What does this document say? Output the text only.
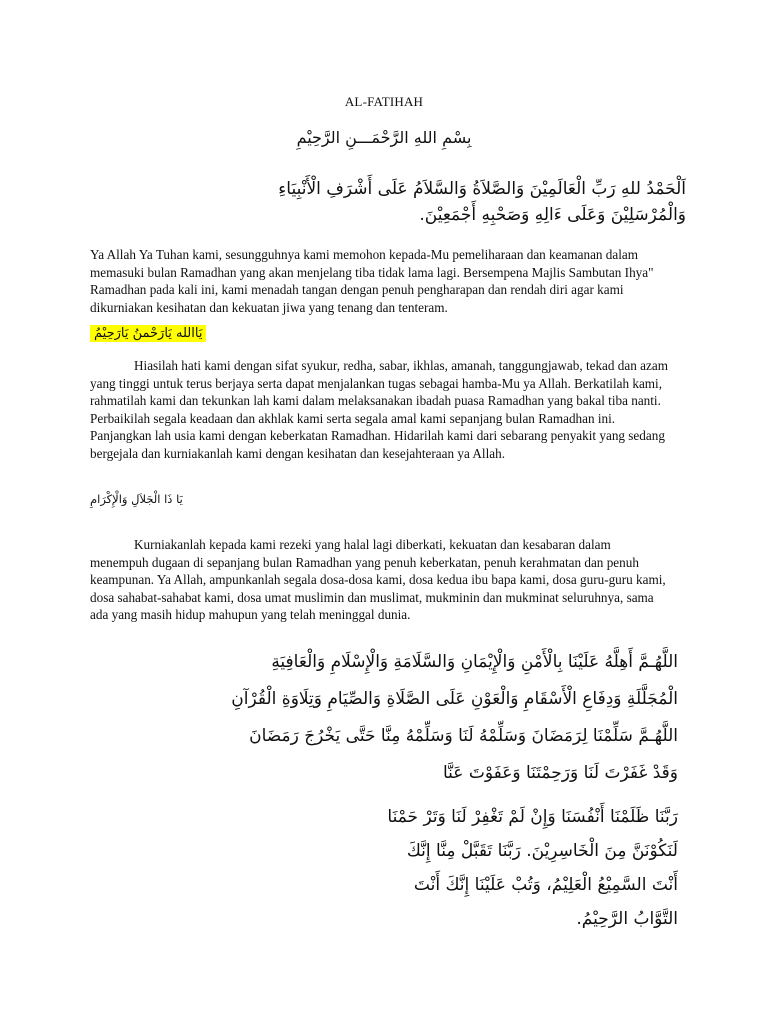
AL-FATIHAH
بِسْمِ اللهِ الرَّحْمَـــنِ الرَّحِيْمِ
اَلْحَمْدُ للهِ رَبِّ الْعَالَمِيْنَ وَالصَّلاَةُ وَالسَّلاَمُ عَلَى أَشْرَفِ الْأَنْبِيَاءِ
وَالْمُرْسَلِيْنَ وَعَلَى ءَالِهِ وَصَحْبِهِ أَجْمَعِيْنَ.
Ya Allah Ya Tuhan kami, sesungguhnya kami memohon kepada-Mu pemeliharaan dan keamanan dalam memasuki bulan Ramadhan yang akan menjelang tiba tidak lama lagi. Bersempena Majlis Sambutan Ihya" Ramadhan pada kali ini, kami menadah tangan dengan penuh pengharapan dan rendah diri agar kami dikurniakan kesihatan dan kekuatan jiwa yang tenang dan tenteram.
يَاالله يَارَحْمنُ يَارَحِيْمُ
Hiasilah hati kami dengan sifat syukur, redha, sabar, ikhlas, amanah, tanggungjawab, tekad dan azam yang tinggi untuk terus berjaya serta dapat menjalankan tugas sebagai hamba-Mu ya Allah. Berkatilah kami, rahmatilah kami dan tekunkan lah kami dalam melaksanakan ibadah puasa Ramadhan yang bakal tiba nanti. Perbaikilah segala keadaan dan akhlak kami serta segala amal kami sepanjang bulan Ramadhan ini. Panjangkan lah usia kami dengan keberkatan Ramadhan. Hidarilah kami dari sebarang penyakit yang sedang bergejala dan kurniakanlah kami dengan kesihatan dan kesejahteraan ya Allah.
يَا ذَا الْجَلاَلِ وَالْإِكْرَامِ
Kurniakanlah kepada kami rezeki yang halal lagi diberkati, kekuatan dan kesabaran dalam menempuh dugaan di sepanjang bulan Ramadhan yang penuh keberkatan, penuh kerahmatan dan penuh keampunan. Ya Allah, ampunkanlah segala dosa-dosa kami, dosa kedua ibu bapa kami, dosa guru-guru kami, dosa sahabat-sahabat kami, dosa umat muslimin dan muslimat, mukminin dan mukminat seluruhnya, sama ada yang masih hidup mahupun yang telah meninggal dunia.
اللَّهُـمَّ أَهِلَّهُ عَلَيْنَا بِالْأَمْنِ وَالْإِيْمَانِ وَالسَّلَامَةِ وَالْإِسْلَامِ وَالْعَافِيَةِ
الْمُجَلَّلَةِ وَدِفَاعِ الْأَسْقَامِ وَالْعَوْنِ عَلَى الصَّلَاةِ وَالصِّيَامِ وَتِلَاوَةِ الْقُرْآنِ
اللَّهُـمَّ سَلِّمْنَا لِرَمَضَانَ وَسَلِّمْهُ لَنَا وَسَلِّمْهُ مِنَّا حَتَّى يَخْرُجَ رَمَضَانَ
وَقَدْ غَفَرْتَ لَنَا وَرَحِمْتَنَا وَعَفَوْتَ عَنَّا
رَبَّنَا ظَلَمْنَا أَنْفُسَنَا وَإِنْ لَمْ تَغْفِرْ لَنَا وَتَرْ حَمْنَا
لَنَكُوْنَنَّ مِنَ الْخَاسِرِيْنَ. رَبَّنَا تَقَبَّلْ مِنَّا إِنَّكَ
أَنْتَ السَّمِيْعُ الْعَلِيْمُ، وَتُبْ عَلَيْنَا إِنَّكَ أَنْتَ
التَّوَّابُ الرَّحِيْمُ.
